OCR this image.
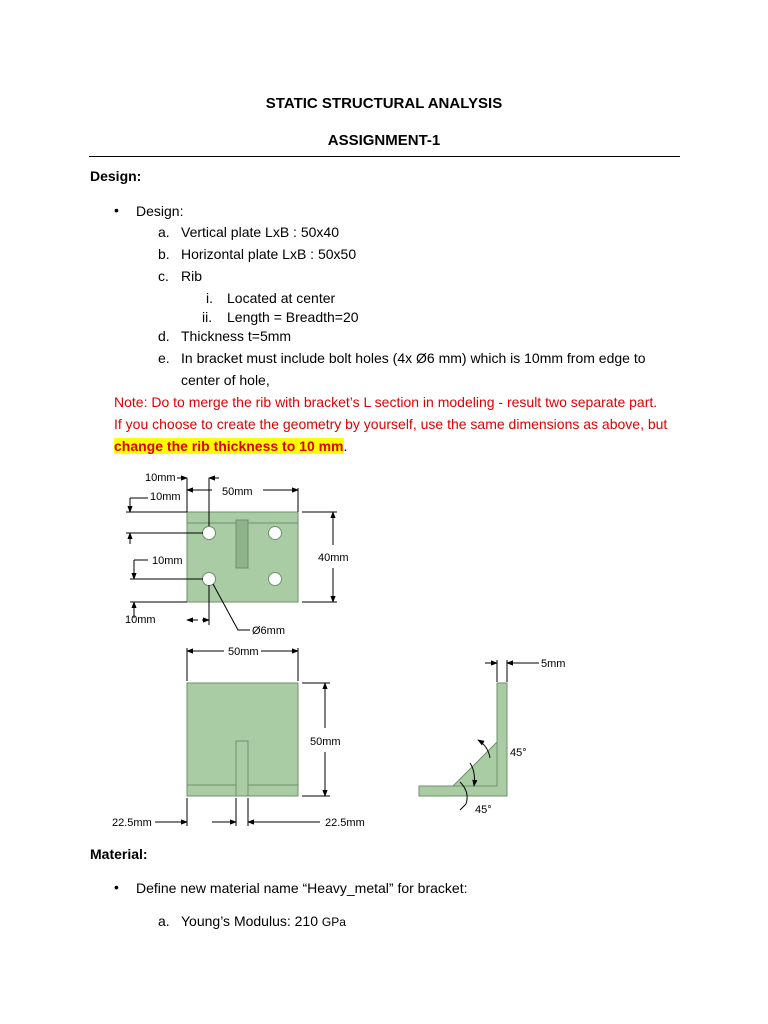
STATIC STRUCTURAL ANALYSIS
ASSIGNMENT-1
Design:
• Design:
a. Vertical plate LxB : 50x40
b. Horizontal plate LxB : 50x50
c. Rib
i. Located at center
ii. Length = Breadth=20
d. Thickness t=5mm
e. In bracket must include bolt holes (4x Ø6 mm) which is 10mm from edge to
center of hole,
Note: Do to merge the rib with bracket’s L section in modeling - result two separate part.
If you choose to create the geometry by yourself, use the same dimensions as above, but
change the rib thickness to 10 mm.
10mm
10mm	50mm
10mm	40mm
10mm
Ø6mm
50mm
50mm
22.5mm	22.5mm
5mm
45°
45°
Material:
• Define new material name “Heavy_metal” for bracket:
a. Young’s Modulus: 210 GPa
